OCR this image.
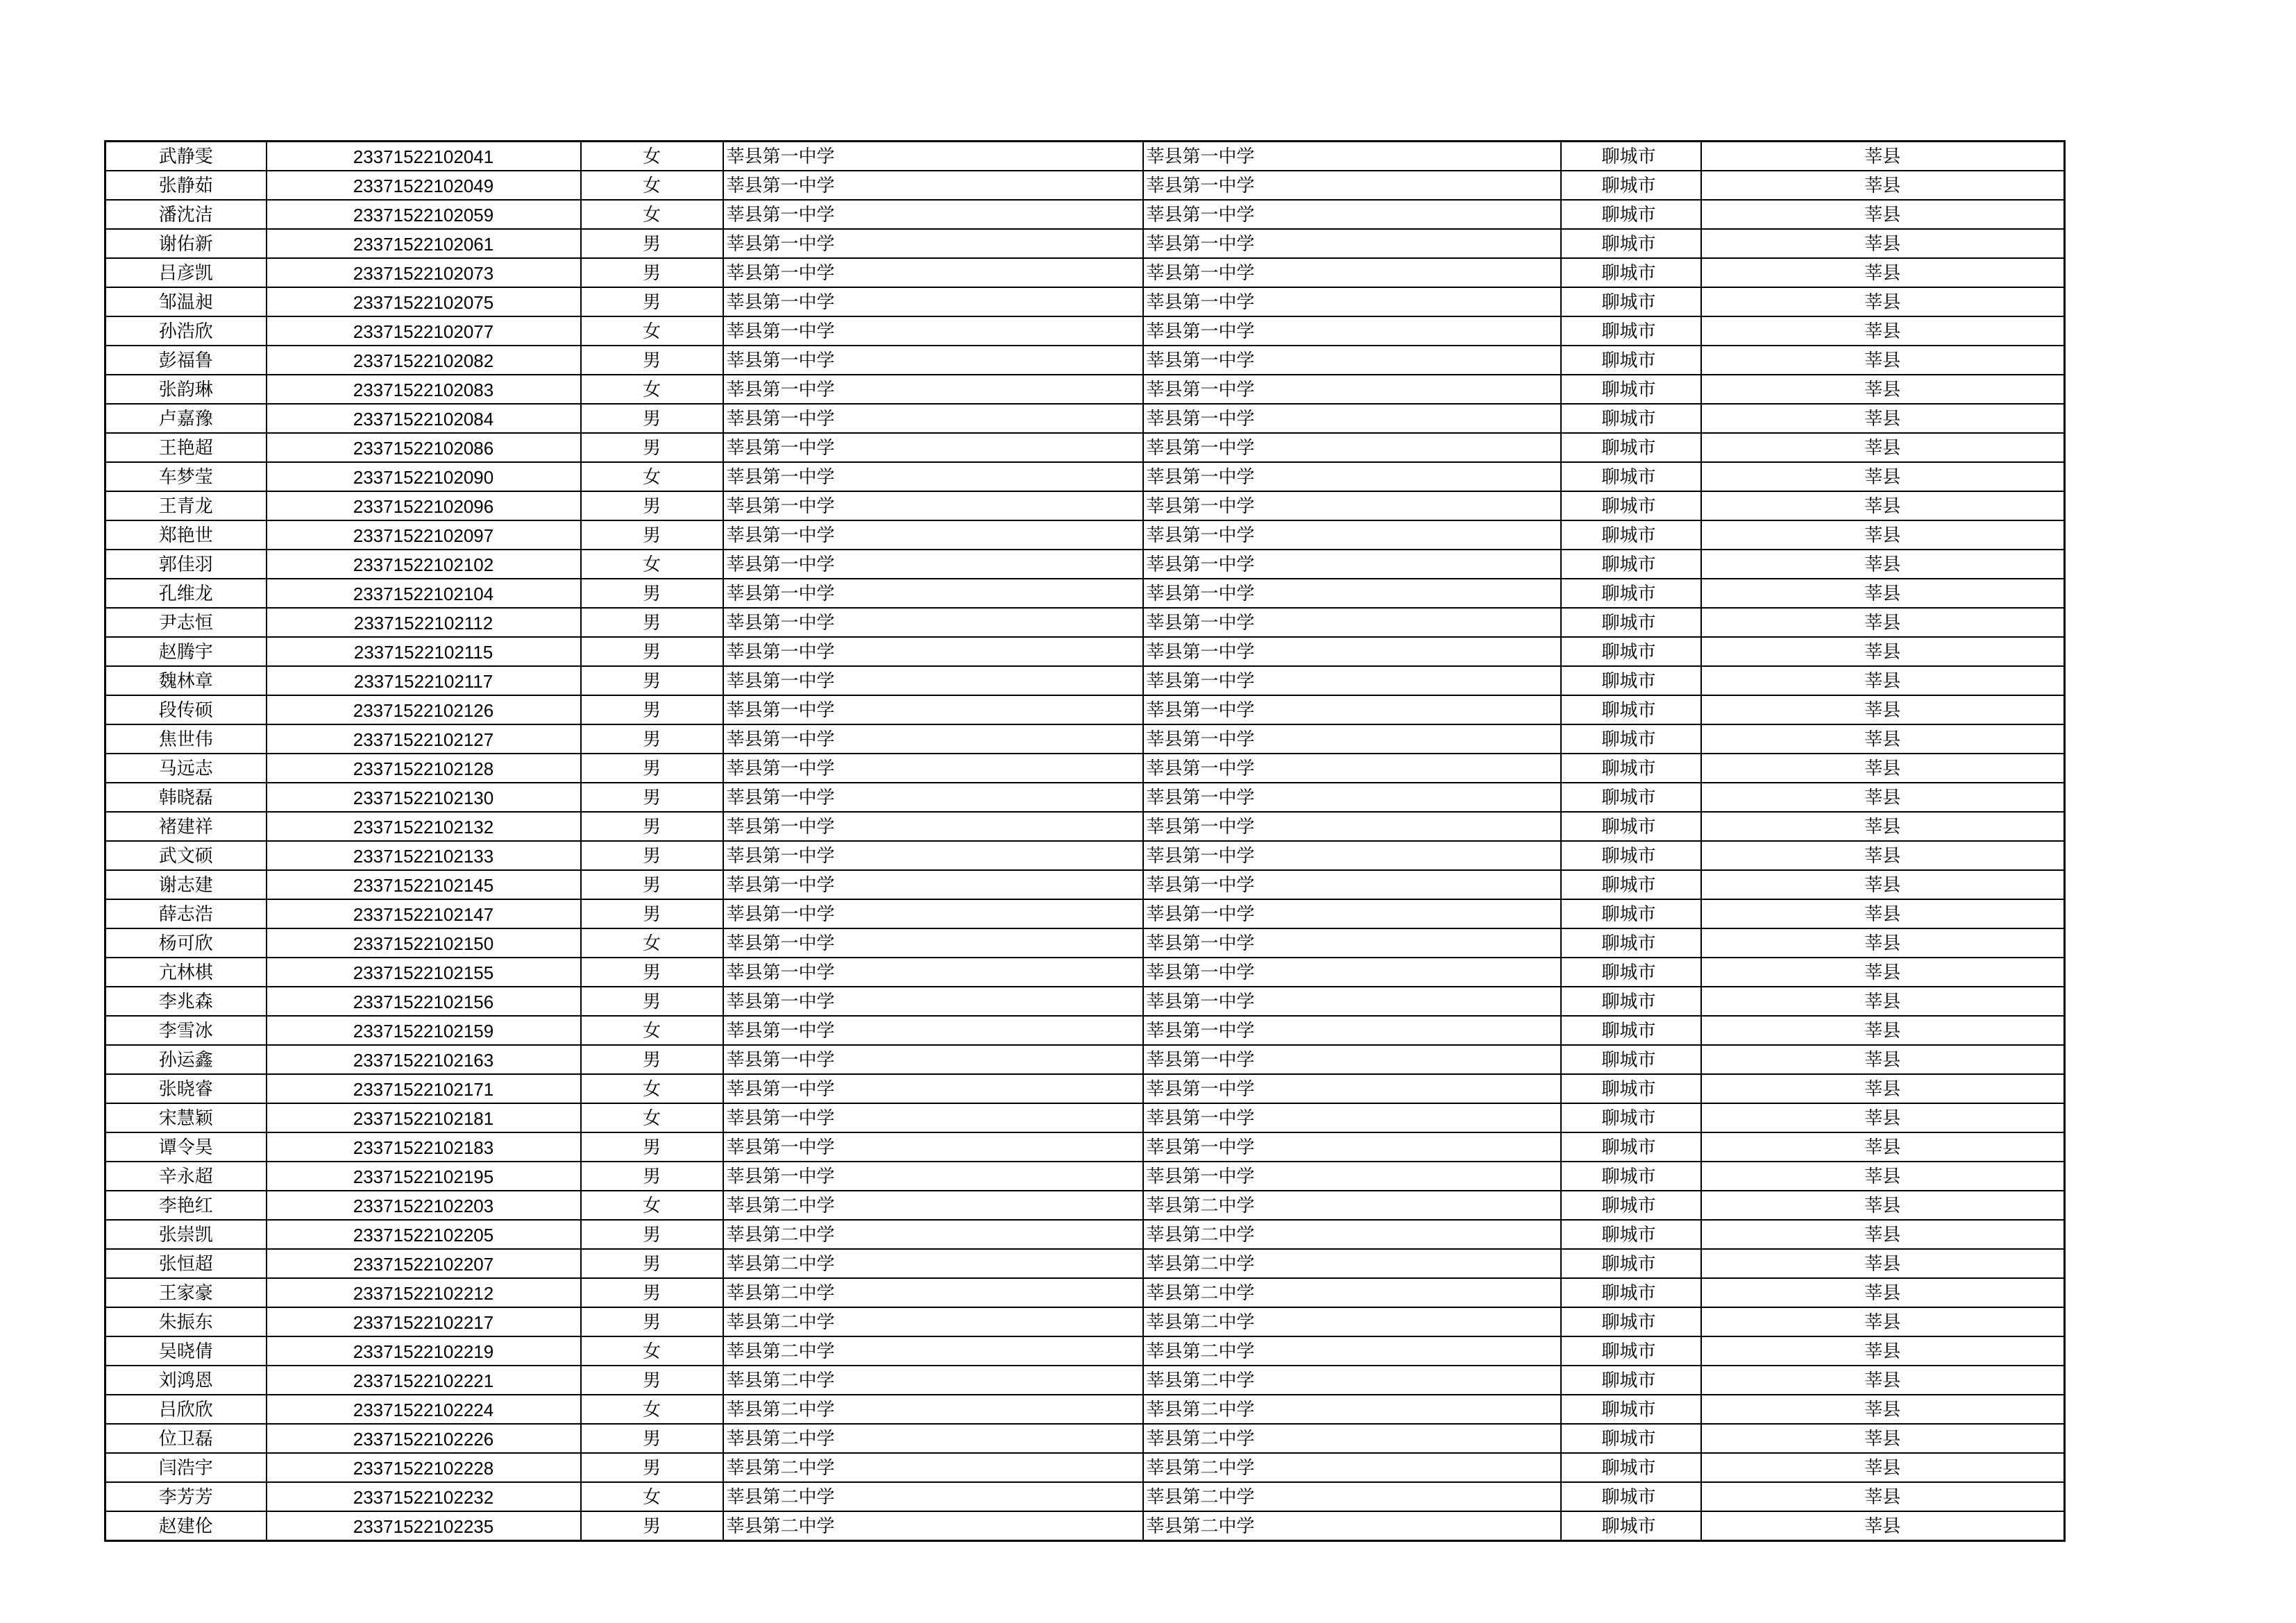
武静雯	23371522102041	女	莘县第一中学	莘县第一中学	聊城市	莘县
张静茹	23371522102049	女	莘县第一中学	莘县第一中学	聊城市	莘县
潘沈洁	23371522102059	女	莘县第一中学	莘县第一中学	聊城市	莘县
谢佑新	23371522102061	男	莘县第一中学	莘县第一中学	聊城市	莘县
吕彦凯	23371522102073	男	莘县第一中学	莘县第一中学	聊城市	莘县
邹温昶	23371522102075	男	莘县第一中学	莘县第一中学	聊城市	莘县
孙浩欣	23371522102077	女	莘县第一中学	莘县第一中学	聊城市	莘县
彭福鲁	23371522102082	男	莘县第一中学	莘县第一中学	聊城市	莘县
张韵琳	23371522102083	女	莘县第一中学	莘县第一中学	聊城市	莘县
卢嘉豫	23371522102084	男	莘县第一中学	莘县第一中学	聊城市	莘县
王艳超	23371522102086	男	莘县第一中学	莘县第一中学	聊城市	莘县
车梦莹	23371522102090	女	莘县第一中学	莘县第一中学	聊城市	莘县
王青龙	23371522102096	男	莘县第一中学	莘县第一中学	聊城市	莘县
郑艳世	23371522102097	男	莘县第一中学	莘县第一中学	聊城市	莘县
郭佳羽	23371522102102	女	莘县第一中学	莘县第一中学	聊城市	莘县
孔维龙	23371522102104	男	莘县第一中学	莘县第一中学	聊城市	莘县
尹志恒	23371522102112	男	莘县第一中学	莘县第一中学	聊城市	莘县
赵腾宇	23371522102115	男	莘县第一中学	莘县第一中学	聊城市	莘县
魏林章	23371522102117	男	莘县第一中学	莘县第一中学	聊城市	莘县
段传硕	23371522102126	男	莘县第一中学	莘县第一中学	聊城市	莘县
焦世伟	23371522102127	男	莘县第一中学	莘县第一中学	聊城市	莘县
马远志	23371522102128	男	莘县第一中学	莘县第一中学	聊城市	莘县
韩晓磊	23371522102130	男	莘县第一中学	莘县第一中学	聊城市	莘县
褚建祥	23371522102132	男	莘县第一中学	莘县第一中学	聊城市	莘县
武文硕	23371522102133	男	莘县第一中学	莘县第一中学	聊城市	莘县
谢志建	23371522102145	男	莘县第一中学	莘县第一中学	聊城市	莘县
薛志浩	23371522102147	男	莘县第一中学	莘县第一中学	聊城市	莘县
杨可欣	23371522102150	女	莘县第一中学	莘县第一中学	聊城市	莘县
亢林棋	23371522102155	男	莘县第一中学	莘县第一中学	聊城市	莘县
李兆森	23371522102156	男	莘县第一中学	莘县第一中学	聊城市	莘县
李雪冰	23371522102159	女	莘县第一中学	莘县第一中学	聊城市	莘县
孙运鑫	23371522102163	男	莘县第一中学	莘县第一中学	聊城市	莘县
张晓睿	23371522102171	女	莘县第一中学	莘县第一中学	聊城市	莘县
宋慧颖	23371522102181	女	莘县第一中学	莘县第一中学	聊城市	莘县
谭令昊	23371522102183	男	莘县第一中学	莘县第一中学	聊城市	莘县
辛永超	23371522102195	男	莘县第一中学	莘县第一中学	聊城市	莘县
李艳红	23371522102203	女	莘县第二中学	莘县第二中学	聊城市	莘县
张崇凯	23371522102205	男	莘县第二中学	莘县第二中学	聊城市	莘县
张恒超	23371522102207	男	莘县第二中学	莘县第二中学	聊城市	莘县
王家豪	23371522102212	男	莘县第二中学	莘县第二中学	聊城市	莘县
朱振东	23371522102217	男	莘县第二中学	莘县第二中学	聊城市	莘县
吴晓倩	23371522102219	女	莘县第二中学	莘县第二中学	聊城市	莘县
刘鸿恩	23371522102221	男	莘县第二中学	莘县第二中学	聊城市	莘县
吕欣欣	23371522102224	女	莘县第二中学	莘县第二中学	聊城市	莘县
位卫磊	23371522102226	男	莘县第二中学	莘县第二中学	聊城市	莘县
闫浩宇	23371522102228	男	莘县第二中学	莘县第二中学	聊城市	莘县
李芳芳	23371522102232	女	莘县第二中学	莘县第二中学	聊城市	莘县
赵建伦	23371522102235	男	莘县第二中学	莘县第二中学	聊城市	莘县
